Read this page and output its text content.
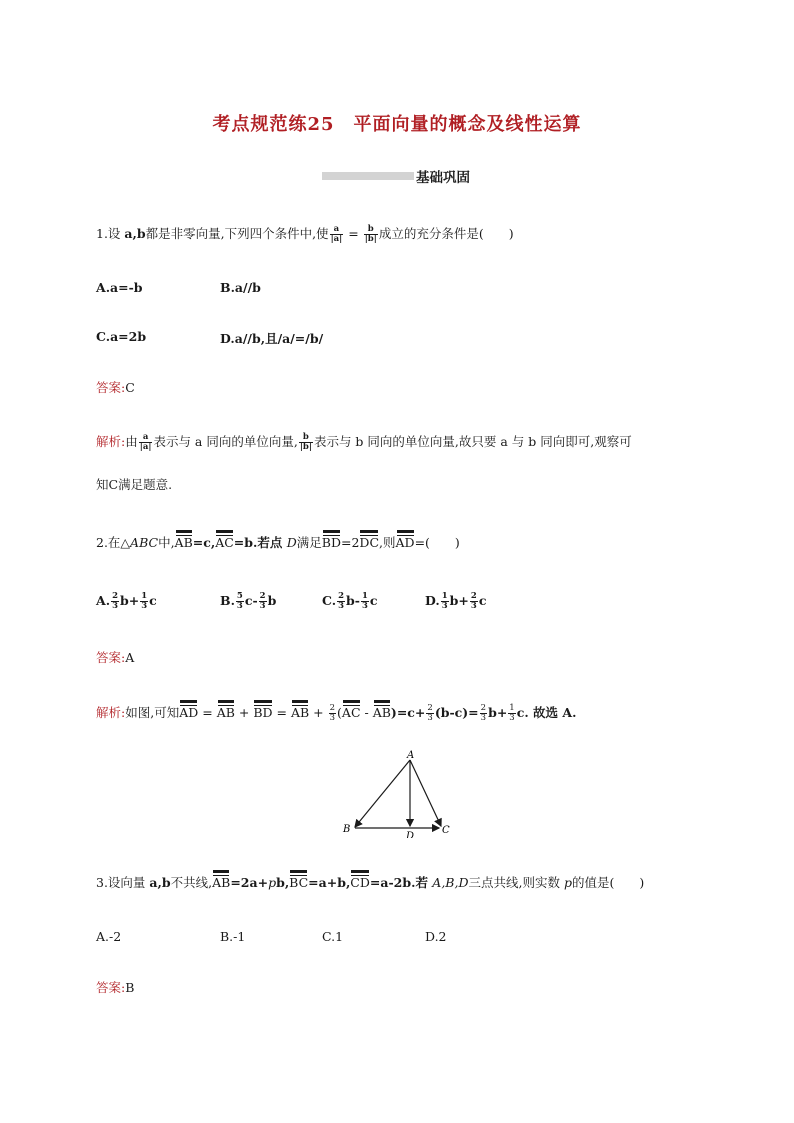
考点规范练25　平面向量的概念及线性运算
基础巩固
1.设 a,b都是非零向量,下列四个条件中,使 $\frac{a}{|a|} = \frac{b}{|b|}$ 成立的充分条件是(　　)
A.a=-b	B.a//b
C.a=2b	D.a//b,且/a/=/b/
答案:C
解析:由 $\frac{a}{|a|}$ 表示与 a 同向的单位向量, $\frac{b}{|b|}$ 表示与 b 同向的单位向量,故只要 a 与 b 同向即可,观察可
知C满足题意.
2.在△ABC中,AB=c,AC=b.若点 D满足BD=2DC,则AD=(　　)
A. $\frac{2}{3} b+ \frac{1}{3}$ c	B. $\frac{5}{3} c- \frac{2}{3}$ b	C. $\frac{2}{3} b- \frac{1}{3}$ c	D. $\frac{1}{3} b+ \frac{2}{3}$ c
答案:A
解析:如图,可知AD = AB + BD = AB + $\frac{2}{3} (AC - AB)=c+ \frac{2}{3} (b-c)= \frac{2}{3} b+ \frac{1}{3} c$. 故选 A.
A
B	C
D
3.设向量 a,b不共线,AB=2a+pb,BC=a+b,CD=a-2b.若 A,B,D三点共线,则实数 p的值是(　　)
A.-2	B.-1	C.1	D.2
答案:B
